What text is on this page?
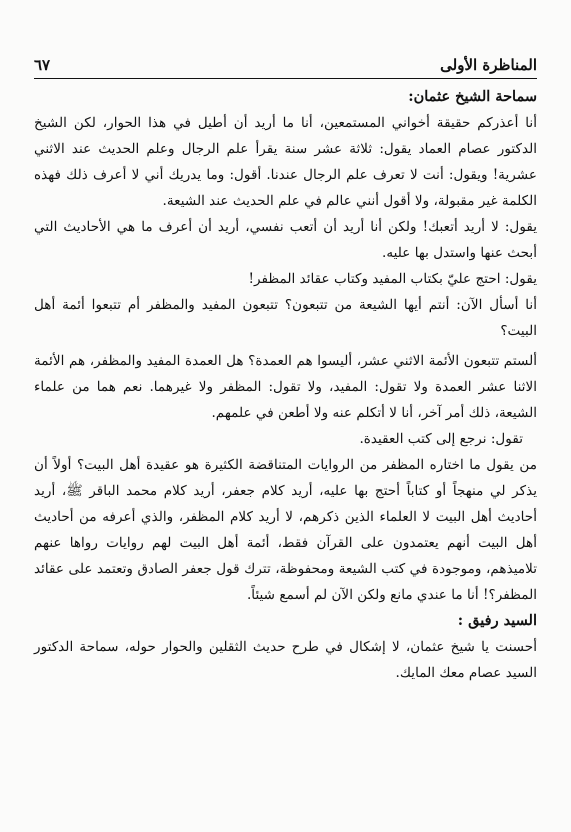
المناظرة الأولى
٦٧

سماحة الشيخ عثمان:

أنا أعذركم حقيقة أخواني المستمعين، أنا ما أريد أن أطيل في هذا الحوار، لكن الشيخ الدكتور عصام العماد يقول: ثلاثة عشر سنة يقرأ علم الرجال وعلم الحديث عند الاثني عشرية! ويقول: أنت لا تعرف علم الرجال عندنا. أقول: وما يدريك أني لا أعرف ذلك فهذه الكلمة غير مقبولة، ولا أقول أنني عالم في علم الحديث عند الشيعة.

يقول: لا أريد أتعبك! ولكن أنا أريد أن أتعب نفسي، أريد أن أعرف ما هي الأحاديث التي أبحث عنها واستدل بها عليه.

يقول: احتج عليّ بكتاب المفيد وكتاب عقائد المظفر!

أنا أسأل الآن: أنتم أيها الشيعة من تتبعون؟ تتبعون المفيد والمظفر أم تتبعوا أئمة أهل البيت؟

ألستم تتبعون الأئمة الاثني عشر، أليسوا هم العمدة؟ هل العمدة المفيد والمظفر، هم الأئمة الاثنا عشر العمدة ولا تقول: المفيد، ولا تقول: المظفر ولا غيرهما. نعم هما من علماء الشيعة، ذلك أمر آخر، أنا لا أتكلم عنه ولا أطعن في علمهم.

تقول: نرجع إلى كتب العقيدة.

من يقول ما اختاره المظفر من الروايات المتناقضة الكثيرة هو عقيدة أهل البيت؟ أولاً أن يذكر لي منهجاً أو كتاباً أحتج بها عليه، أريد كلام جعفر، أريد كلام محمد الباقر ﷺ، أريد أحاديث أهل البيت لا العلماء الذين ذكرهم، لا أريد كلام المظفر، والذي أعرفه من أحاديث أهل البيت أنهم يعتمدون على القرآن فقط، أئمة أهل البيت لهم روايات رواها عنهم تلاميذهم، وموجودة في كتب الشيعة ومحفوظة، تترك قول جعفر الصادق وتعتمد على عقائد المظفر؟! أنا ما عندي مانع ولكن الآن لم أسمع شيئاً.

السيد رفيق :

أحسنت يا شيخ عثمان، لا إشكال في طرح حديث الثقلين والحوار حوله، سماحة الدكتور السيد عصام معك المايك.
